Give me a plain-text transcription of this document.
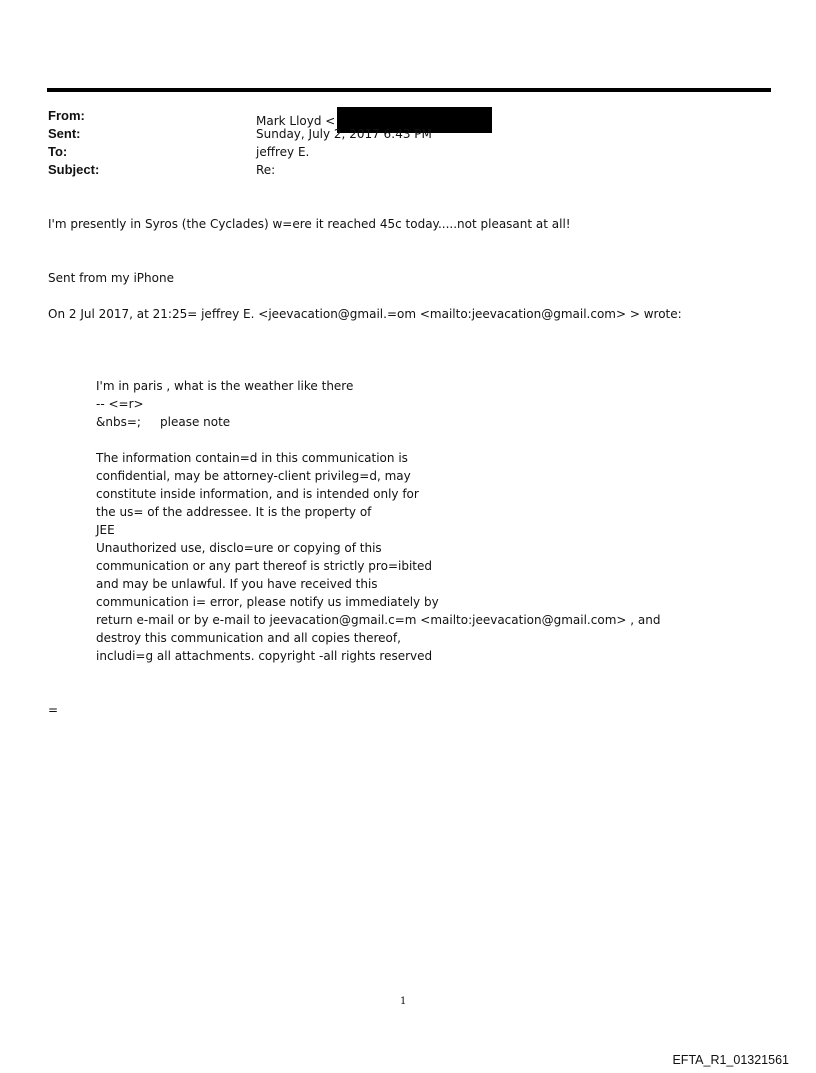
From:	Mark Lloyd <
Sent:	Sunday, July 2, 2017 6:43 PM
To:	jeffrey E.
Subject:	Re:
I'm presently in Syros (the Cyclades) w=ere it reached 45c today.....not pleasant at all!
Sent from my iPhone
On 2 Jul 2017, at 21:25= jeffrey E. <jeevacation@gmail.=om <mailto:jeevacation@gmail.com> > wrote:
I'm in paris , what is the weather like there
-- <=r>
&nbs=;     please note
The information contain=d in this communication is
confidential, may be attorney-client privileg=d, may
constitute inside information, and is intended only for
the us= of the addressee. It is the property of
JEE
Unauthorized use, disclo=ure or copying of this
communication or any part thereof is strictly pro=ibited
and may be unlawful. If you have received this
communication i= error, please notify us immediately by
return e-mail or by e-mail to jeevacation@gmail.c=m <mailto:jeevacation@gmail.com> , and
destroy this communication and all copies thereof,
includi=g all attachments. copyright -all rights reserved
=
1
EFTA_R1_01321561
